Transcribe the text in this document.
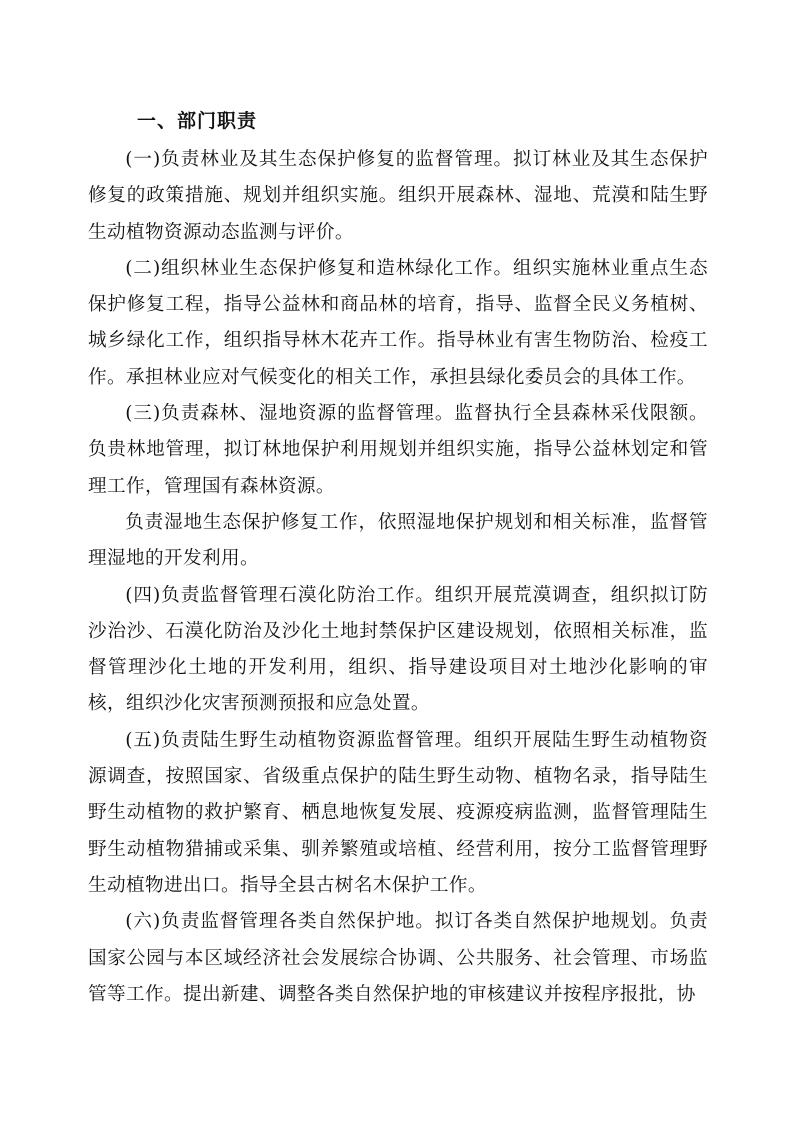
一、部门职责

(一)负责林业及其生态保护修复的监督管理。拟订林业及其生态保护修复的政策措施、规划并组织实施。组织开展森林、湿地、荒漠和陆生野生动植物资源动态监测与评价。

(二)组织林业生态保护修复和造林绿化工作。组织实施林业重点生态保护修复工程，指导公益林和商品林的培育，指导、监督全民义务植树、城乡绿化工作，组织指导林木花卉工作。指导林业有害生物防治、检疫工作。承担林业应对气候变化的相关工作，承担县绿化委员会的具体工作。

(三)负责森林、湿地资源的监督管理。监督执行全县森林采伐限额。负贵林地管理，拟订林地保护利用规划并组织实施，指导公益林划定和管理工作，管理国有森林资源。

负责湿地生态保护修复工作，依照湿地保护规划和相关标准，监督管理湿地的开发利用。

(四)负责监督管理石漠化防治工作。组织开展荒漠调查，组织拟订防沙治沙、石漠化防治及沙化土地封禁保护区建设规划，依照相关标准，监督管理沙化土地的开发利用，组织、指导建设项目对土地沙化影响的审核，组织沙化灾害预测预报和应急处置。

(五)负责陆生野生动植物资源监督管理。组织开展陆生野生动植物资源调查，按照国家、省级重点保护的陆生野生动物、植物名录，指导陆生野生动植物的救护繁育、栖息地恢复发展、疫源疫病监测，监督管理陆生野生动植物猎捕或采集、驯养繁殖或培植、经营利用，按分工监督管理野生动植物进出口。指导全县古树名木保护工作。

(六)负责监督管理各类自然保护地。拟订各类自然保护地规划。负责国家公园与本区域经济社会发展综合协调、公共服务、社会管理、市场监管等工作。提出新建、调整各类自然保护地的审核建议并按程序报批，协
